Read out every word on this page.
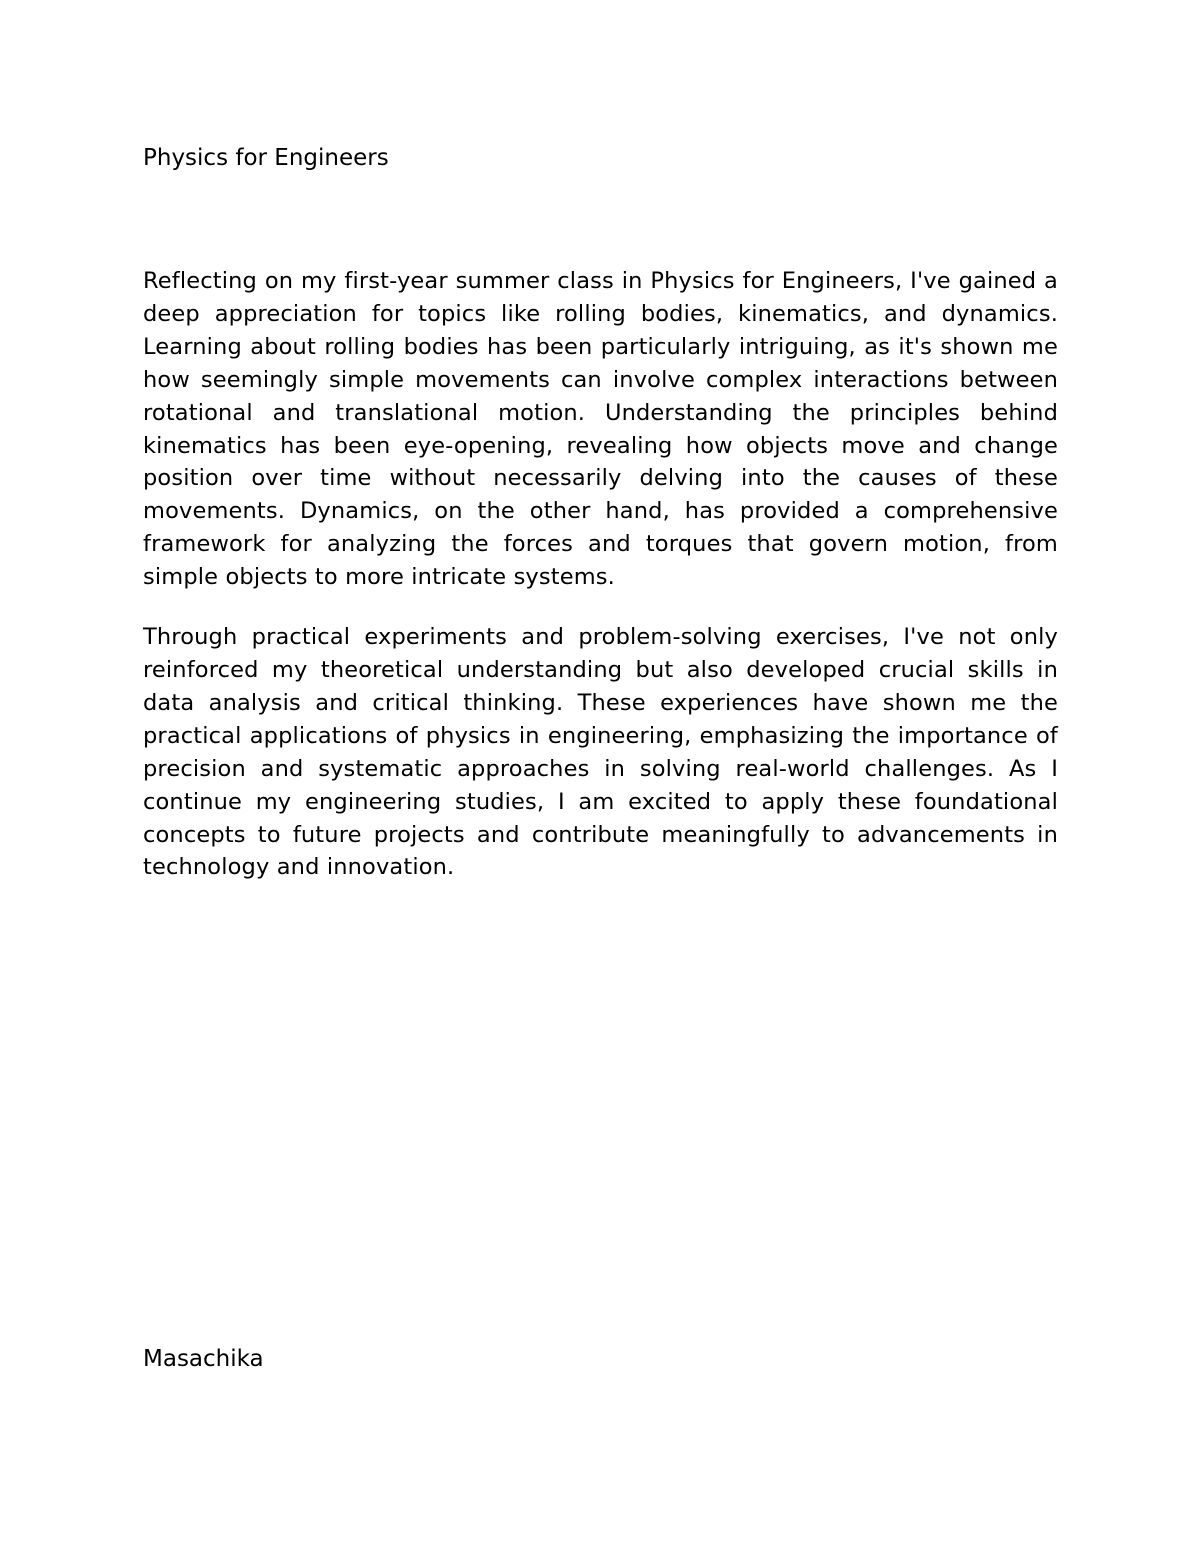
Physics for Engineers

Reflecting on my first-year summer class in Physics for Engineers, I've gained a deep appreciation for topics like rolling bodies, kinematics, and dynamics. Learning about rolling bodies has been particularly intriguing, as it's shown me how seemingly simple movements can involve complex interactions between rotational and translational motion. Understanding the principles behind kinematics has been eye-opening, revealing how objects move and change position over time without necessarily delving into the causes of these movements. Dynamics, on the other hand, has provided a comprehensive framework for analyzing the forces and torques that govern motion, from simple objects to more intricate systems.

Through practical experiments and problem-solving exercises, I've not only reinforced my theoretical understanding but also developed crucial skills in data analysis and critical thinking. These experiences have shown me the practical applications of physics in engineering, emphasizing the importance of precision and systematic approaches in solving real-world challenges. As I continue my engineering studies, I am excited to apply these foundational concepts to future projects and contribute meaningfully to advancements in technology and innovation.

Masachika
